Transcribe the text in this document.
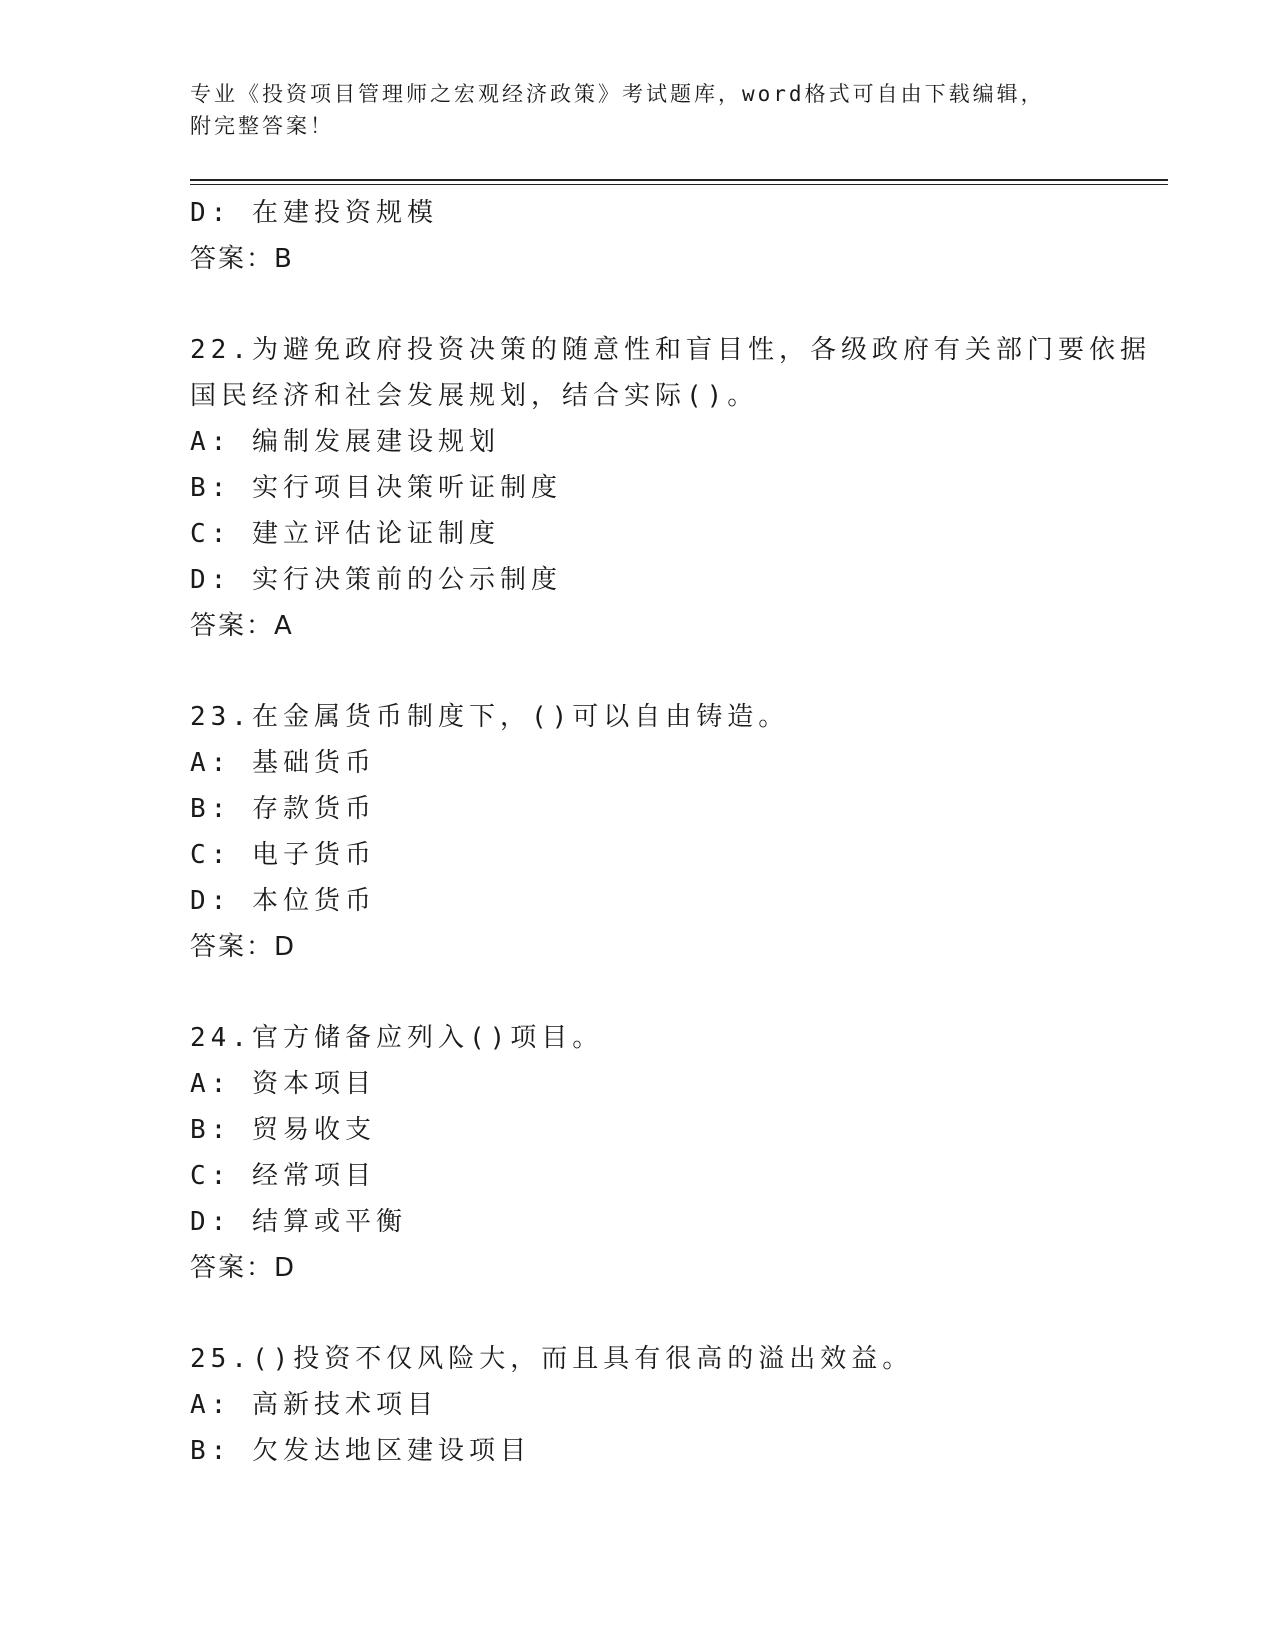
专业《投资项目管理师之宏观经济政策》考试题库，word格式可自由下载编辑，
附完整答案！
D: 在建投资规模
答案：B
22.为避免政府投资决策的随意性和盲目性，各级政府有关部门要依据
国民经济和社会发展规划，结合实际()。
A: 编制发展建设规划
B: 实行项目决策听证制度
C: 建立评估论证制度
D: 实行决策前的公示制度
答案：A
23.在金属货币制度下，()可以自由铸造。
A: 基础货币
B: 存款货币
C: 电子货币
D: 本位货币
答案：D
24.官方储备应列入()项目。
A: 资本项目
B: 贸易收支
C: 经常项目
D: 结算或平衡
答案：D
25.()投资不仅风险大，而且具有很高的溢出效益。
A: 高新技术项目
B: 欠发达地区建设项目
